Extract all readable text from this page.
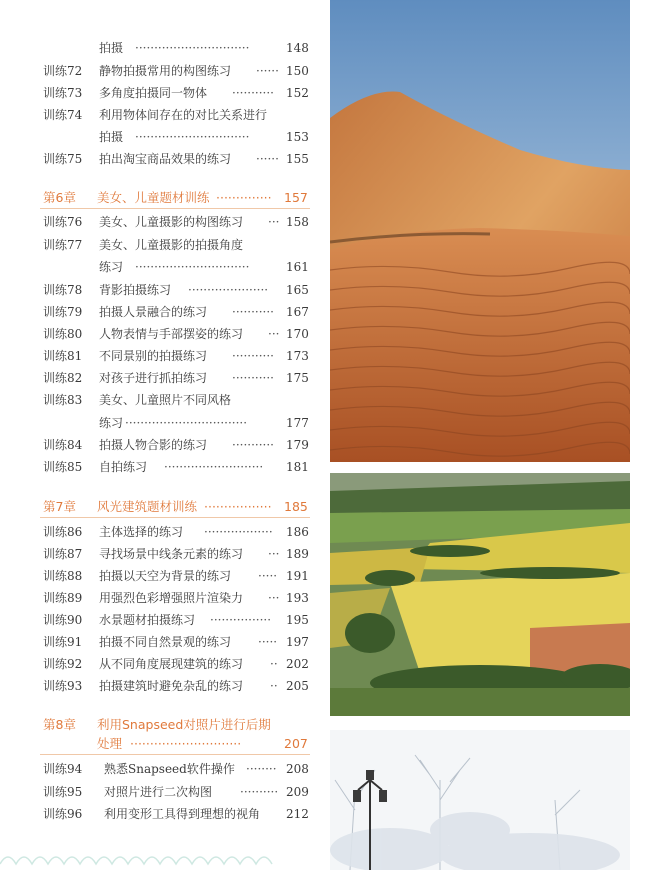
拍摄 ······························	148
训练72 静物拍摄常用的构图练习 ······ 150
训练73 多角度拍摄同一物体 ··········· 152
训练74 利用物体间存在的对比关系进行
拍摄 ······························	153
训练75 拍出淘宝商品效果的练习 ······ 155
第6章 美女、儿童题材训练 ·············· 157
训练76 美女、儿童摄影的构图练习 ··· 158
训练77 美女、儿童摄影的拍摄角度
练习 ······························	161
训练78 背影拍摄练习 ····················· 165
训练79 拍摄人景融合的练习 ··········· 167
训练80 人物表情与手部摆姿的练习 ··· 170
训练81 不同景别的拍摄练习 ··········· 173
训练82 对孩子进行抓拍练习 ··········· 175
训练83 美女、儿童照片不同风格
练习 ································	177
训练84 拍摄人物合影的练习 ··········· 179
训练85 自拍练习 ·························· 181
第7章 风光建筑题材训练 ················· 185
训练86 主体选择的练习 ·················· 186
训练87 寻找场景中线条元素的练习 ··· 189
训练88 拍摄以天空为背景的练习 ····· 191
训练89 用强烈色彩增强照片渲染力 ··· 193
训练90 水景题材拍摄练习 ················ 195
训练91 拍摄不同自然景观的练习 ····· 197
训练92 从不同角度展现建筑的练习 ·· 202
训练93 拍摄建筑时避免杂乱的练习 ·· 205
第8章 利用Snapseed对照片进行后期
处理 ····························	207
训练94 熟悉Snapseed软件操作 ········ 208
训练95 对照片进行二次构图 ·········· 209
训练96 利用变形工具得到理想的视角 212
